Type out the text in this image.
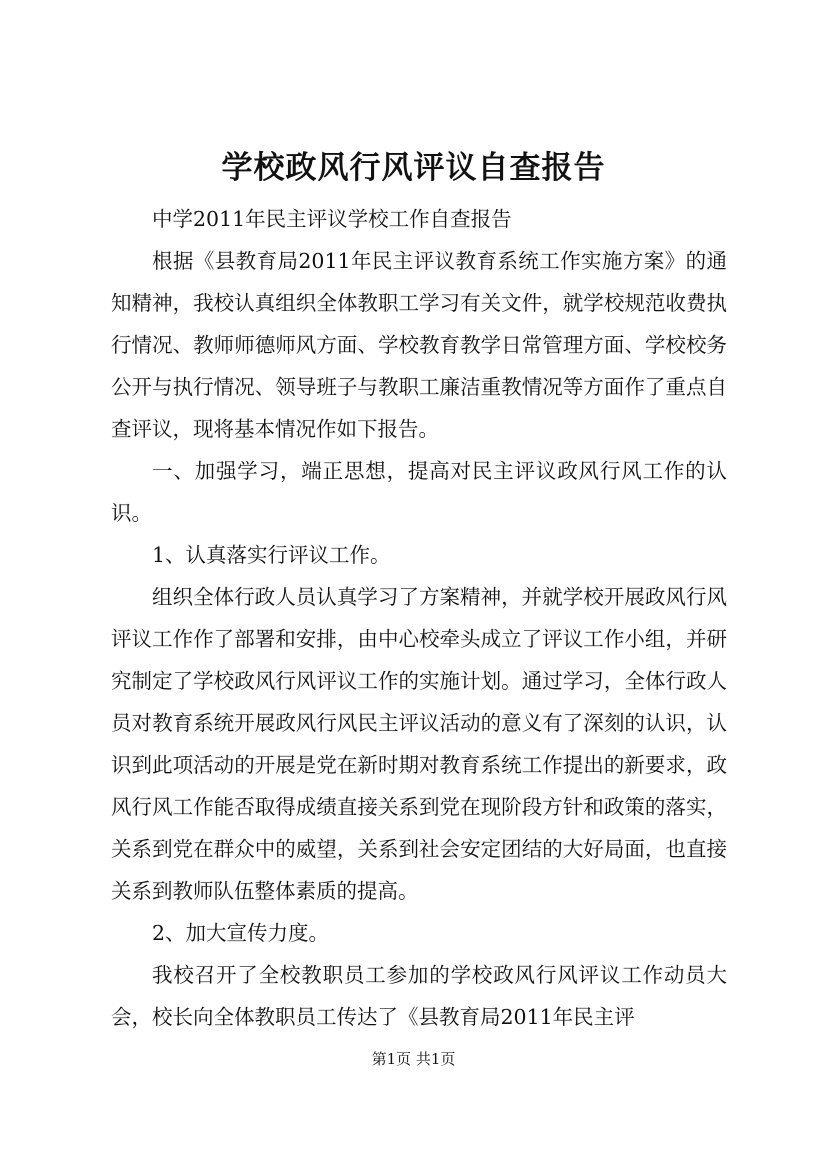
学校政风行风评议自查报告

中学2011年民主评议学校工作自查报告

根据《县教育局2011年民主评议教育系统工作实施方案》的通知精神，我校认真组织全体教职工学习有关文件，就学校规范收费执行情况、教师师德师风方面、学校教育教学日常管理方面、学校校务公开与执行情况、领导班子与教职工廉洁重教情况等方面作了重点自查评议，现将基本情况作如下报告。

一、加强学习，端正思想，提高对民主评议政风行风工作的认识。

1、认真落实行评议工作。

组织全体行政人员认真学习了方案精神，并就学校开展政风行风评议工作作了部署和安排，由中心校牵头成立了评议工作小组，并研究制定了学校政风行风评议工作的实施计划。通过学习，全体行政人员对教育系统开展政风行风民主评议活动的意义有了深刻的认识，认识到此项活动的开展是党在新时期对教育系统工作提出的新要求，政风行风工作能否取得成绩直接关系到党在现阶段方针和政策的落实，关系到党在群众中的威望，关系到社会安定团结的大好局面，也直接关系到教师队伍整体素质的提高。

2、加大宣传力度。

我校召开了全校教职员工参加的学校政风行风评议工作动员大会，校长向全体教职员工传达了《县教育局2011年民主评

第1页 共1页
